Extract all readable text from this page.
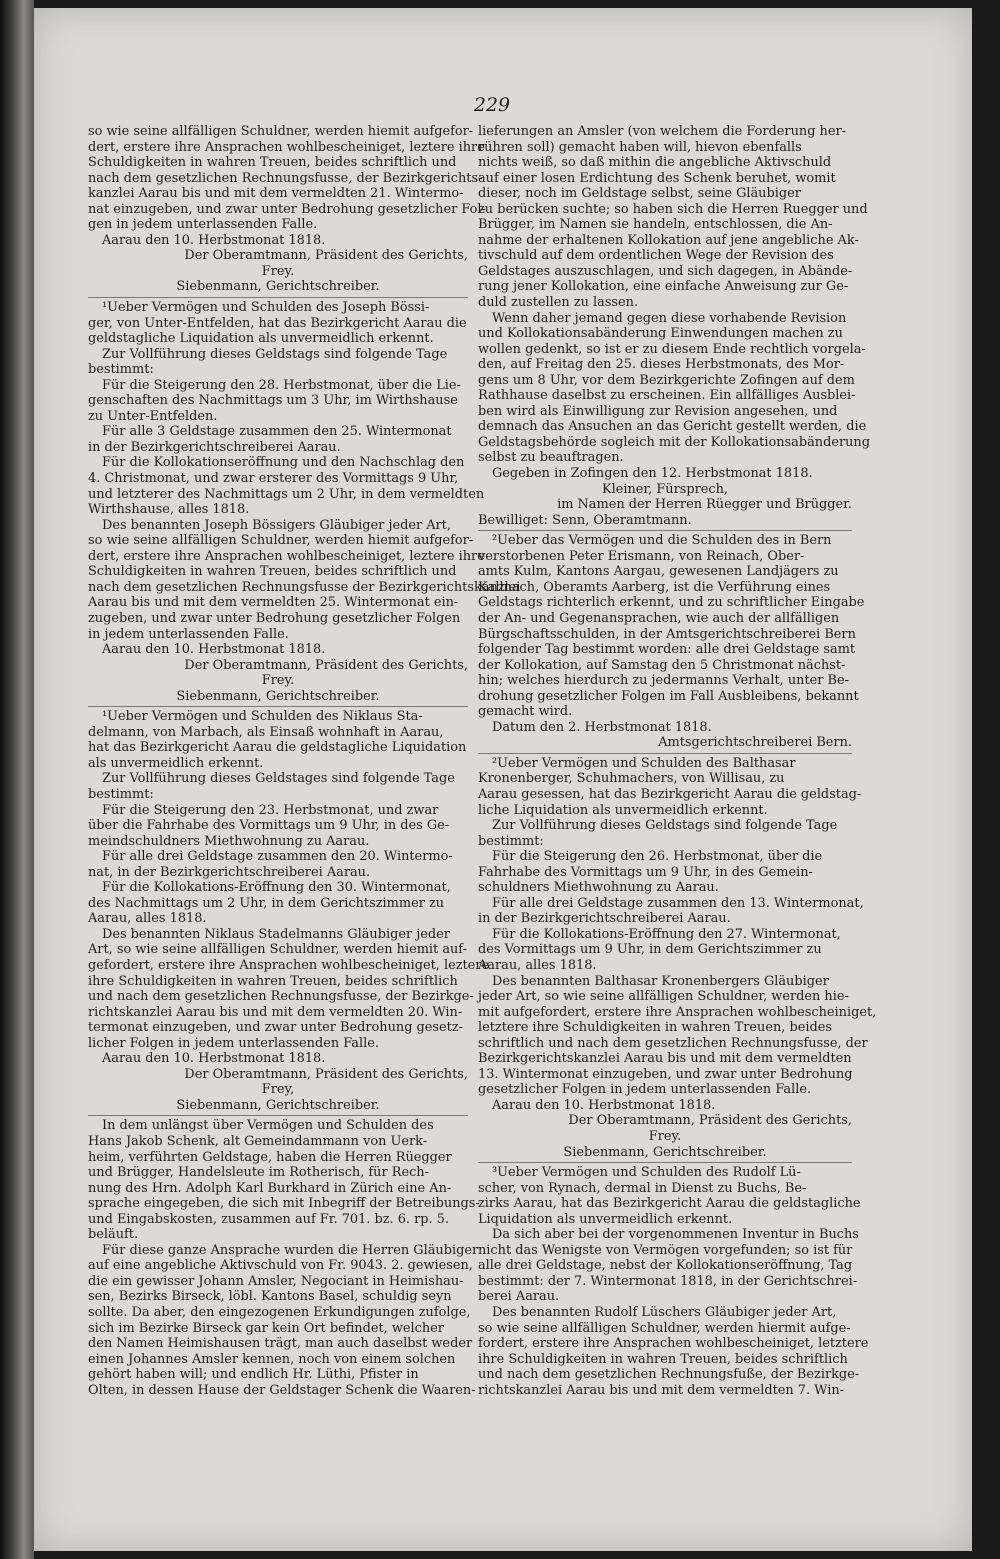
229
so wie seine allfälligen Schuldner, werden hiemit aufgefor-
dert, erstere ihre Ansprachen wohlbescheiniget, leztere ihre
Schuldigkeiten in wahren Treuen, beides schriftlich und
nach dem gesetzlichen Rechnungsfusse, der Bezirkgerichts-
kanzlei Aarau bis und mit dem vermeldten 21. Wintermo-
nat einzugeben, und zwar unter Bedrohung gesetzlicher Fol-
gen in jedem unterlassenden Falle.
Aarau den 10. Herbstmonat 1818.
Der Oberamtmann, Präsident des Gerichts,
Frey.
Siebenmann, Gerichtschreiber.
¹Ueber Vermögen und Schulden des Joseph Bössi-
ger, von Unter-Entfelden, hat das Bezirkgericht Aarau die
geldstagliche Liquidation als unvermeidlich erkennt.
Zur Vollführung dieses Geldstags sind folgende Tage
bestimmt:
Für die Steigerung den 28. Herbstmonat, über die Lie-
genschaften des Nachmittags um 3 Uhr, im Wirthshause
zu Unter-Entfelden.
Für alle 3 Geldstage zusammen den 25. Wintermonat
in der Bezirkgerichtschreiberei Aarau.
Für die Kollokationseröffnung und den Nachschlag den
4. Christmonat, und zwar ersterer des Vormittags 9 Uhr,
und letzterer des Nachmittags um 2 Uhr, in dem vermeldten
Wirthshause, alles 1818.
Des benannten Joseph Bössigers Gläubiger jeder Art,
so wie seine allfälligen Schuldner, werden hiemit aufgefor-
dert, erstere ihre Ansprachen wohlbescheiniget, leztere ihre
Schuldigkeiten in wahren Treuen, beides schriftlich und
nach dem gesetzlichen Rechnungsfusse der Bezirkgerichtskanzlei
Aarau bis und mit dem vermeldten 25. Wintermonat ein-
zugeben, und zwar unter Bedrohung gesetzlicher Folgen
in jedem unterlassenden Falle.
Aarau den 10. Herbstmonat 1818.
Der Oberamtmann, Präsident des Gerichts,
Frey.
Siebenmann, Gerichtschreiber.
¹Ueber Vermögen und Schulden des Niklaus Sta-
delmann, von Marbach, als Einsaß wohnhaft in Aarau,
hat das Bezirkgericht Aarau die geldstagliche Liquidation
als unvermeidlich erkennt.
Zur Vollführung dieses Geldstages sind folgende Tage
bestimmt:
Für die Steigerung den 23. Herbstmonat, und zwar
über die Fahrhabe des Vormittags um 9 Uhr, in des Ge-
meindschuldners Miethwohnung zu Aarau.
Für alle drei Geldstage zusammen den 20. Wintermo-
nat, in der Bezirkgerichtschreiberei Aarau.
Für die Kollokations-Eröffnung den 30. Wintermonat,
des Nachmittags um 2 Uhr, in dem Gerichtszimmer zu
Aarau, alles 1818.
Des benannten Niklaus Stadelmanns Gläubiger jeder
Art, so wie seine allfälligen Schuldner, werden hiemit auf-
gefordert, erstere ihre Ansprachen wohlbescheiniget, leztere
ihre Schuldigkeiten in wahren Treuen, beides schriftlich
und nach dem gesetzlichen Rechnungsfusse, der Bezirkge-
richtskanzlei Aarau bis und mit dem vermeldten 20. Win-
termonat einzugeben, und zwar unter Bedrohung gesetz-
licher Folgen in jedem unterlassenden Falle.
Aarau den 10. Herbstmonat 1818.
Der Oberamtmann, Präsident des Gerichts,
Frey,
Siebenmann, Gerichtschreiber.
In dem unlängst über Vermögen und Schulden des
Hans Jakob Schenk, alt Gemeindammann von Uerk-
heim, verführten Geldstage, haben die Herren Rüegger
und Brügger, Handelsleute im Rotherisch, für Rech-
nung des Hrn. Adolph Karl Burkhard in Zürich eine An-
sprache eingegeben, die sich mit Inbegriff der Betreibungs-
und Eingabskosten, zusammen auf Fr. 701. bz. 6. rp. 5.
beläuft.
Für diese ganze Ansprache wurden die Herren Gläubiger
auf eine angebliche Aktivschuld von Fr. 9043. 2. gewiesen,
die ein gewisser Johann Amsler, Negociant in Heimishau-
sen, Bezirks Birseck, löbl. Kantons Basel, schuldig seyn
sollte. Da aber, den eingezogenen Erkundigungen zufolge,
sich im Bezirke Birseck gar kein Ort befindet, welcher
den Namen Heimishausen trägt, man auch daselbst weder
einen Johannes Amsler kennen, noch von einem solchen
gehört haben will; und endlich Hr. Lüthi, Pfister in
Olten, in dessen Hause der Geldstager Schenk die Waaren-
lieferungen an Amsler (von welchem die Forderung her-
rühren soll) gemacht haben will, hievon ebenfalls
nichts weiß, so daß mithin die angebliche Aktivschuld
auf einer losen Erdichtung des Schenk beruhet, womit
dieser, noch im Geldstage selbst, seine Gläubiger
zu berücken suchte; so haben sich die Herren Ruegger und
Brügger, im Namen sie handeln, entschlossen, die An-
nahme der erhaltenen Kollokation auf jene angebliche Ak-
tivschuld auf dem ordentlichen Wege der Revision des
Geldstages auszuschlagen, und sich dagegen, in Abände-
rung jener Kollokation, eine einfache Anweisung zur Ge-
duld zustellen zu lassen.
Wenn daher jemand gegen diese vorhabende Revision
und Kollokationsabänderung Einwendungen machen zu
wollen gedenkt, so ist er zu diesem Ende rechtlich vorgela-
den, auf Freitag den 25. dieses Herbstmonats, des Mor-
gens um 8 Uhr, vor dem Bezirkgerichte Zofingen auf dem
Rathhause daselbst zu erscheinen. Ein allfälliges Ausblei-
ben wird als Einwilligung zur Revision angesehen, und
demnach das Ansuchen an das Gericht gestellt werden, die
Geldstagsbehörde sogleich mit der Kollokationsabänderung
selbst zu beauftragen.
Gegeben in Zofingen den 12. Herbstmonat 1818.
Kleiner, Fürsprech,
im Namen der Herren Rüegger und Brügger.
Bewilliget: Senn, Oberamtmann.
²Ueber das Vermögen und die Schulden des in Bern
verstorbenen Peter Erismann, von Reinach, Ober-
amts Kulm, Kantons Aargau, gewesenen Landjägers zu
Kallnach, Oberamts Aarberg, ist die Verführung eines
Geldstags richterlich erkennt, und zu schriftlicher Eingabe
der An- und Gegenansprachen, wie auch der allfälligen
Bürgschaftsschulden, in der Amtsgerichtschreiberei Bern
folgender Tag bestimmt worden: alle drei Geldstage samt
der Kollokation, auf Samstag den 5 Christmonat nächst-
hin; welches hierdurch zu jedermanns Verhalt, unter Be-
drohung gesetzlicher Folgen im Fall Ausbleibens, bekannt
gemacht wird.
Datum den 2. Herbstmonat 1818.
Amtsgerichtschreiberei Bern.
²Ueber Vermögen und Schulden des Balthasar
Kronenberger, Schuhmachers, von Willisau, zu
Aarau gesessen, hat das Bezirkgericht Aarau die geldstag-
liche Liquidation als unvermeidlich erkennt.
Zur Vollführung dieses Geldstags sind folgende Tage
bestimmt:
Für die Steigerung den 26. Herbstmonat, über die
Fahrhabe des Vormittags um 9 Uhr, in des Gemein-
schuldners Miethwohnung zu Aarau.
Für alle drei Geldstage zusammen den 13. Wintermonat,
in der Bezirkgerichtschreiberei Aarau.
Für die Kollokations-Eröffnung den 27. Wintermonat,
des Vormittags um 9 Uhr, in dem Gerichtszimmer zu
Aarau, alles 1818.
Des benannten Balthasar Kronenbergers Gläubiger
jeder Art, so wie seine allfälligen Schuldner, werden hie-
mit aufgefordert, erstere ihre Ansprachen wohlbescheiniget,
letztere ihre Schuldigkeiten in wahren Treuen, beides
schriftlich und nach dem gesetzlichen Rechnungsfusse, der
Bezirkgerichtskanzlei Aarau bis und mit dem vermeldten
13. Wintermonat einzugeben, und zwar unter Bedrohung
gesetzlicher Folgen in jedem unterlassenden Falle.
Aarau den 10. Herbstmonat 1818.
Der Oberamtmann, Präsident des Gerichts,
Frey.
Siebenmann, Gerichtschreiber.
³Ueber Vermögen und Schulden des Rudolf Lü-
scher, von Rynach, dermal in Dienst zu Buchs, Be-
zirks Aarau, hat das Bezirkgericht Aarau die geldstagliche
Liquidation als unvermeidlich erkennt.
Da sich aber bei der vorgenommenen Inventur in Buchs
nicht das Wenigste von Vermögen vorgefunden; so ist für
alle drei Geldstage, nebst der Kollokationseröffnung, Tag
bestimmt: der 7. Wintermonat 1818, in der Gerichtschrei-
berei Aarau.
Des benannten Rudolf Lüschers Gläubiger jeder Art,
so wie seine allfälligen Schuldner, werden hiermit aufge-
fordert, erstere ihre Ansprachen wohlbescheiniget, letztere
ihre Schuldigkeiten in wahren Treuen, beides schriftlich
und nach dem gesetzlichen Rechnungsfuße, der Bezirkge-
richtskanzlei Aarau bis und mit dem vermeldten 7. Win-
